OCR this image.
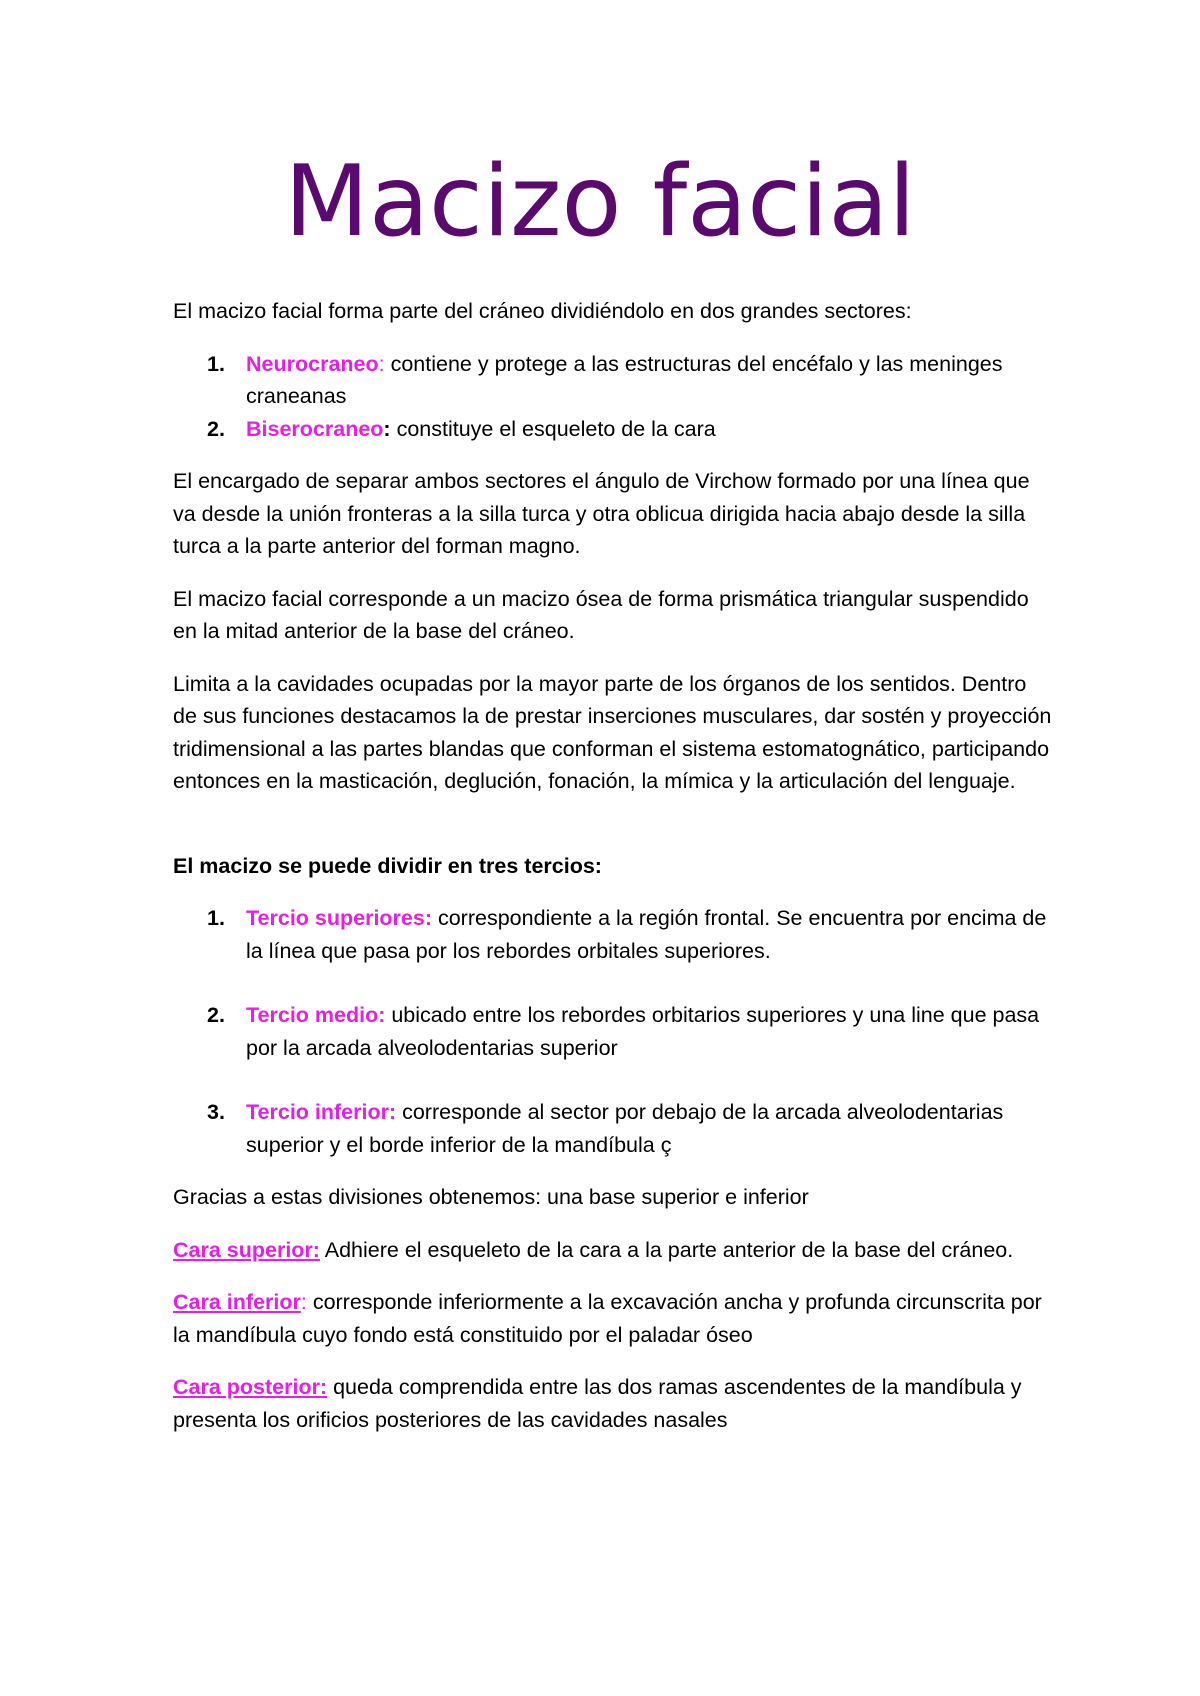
Macizo facial

El macizo facial forma parte del cráneo dividiéndolo en dos grandes sectores:

1. Neurocraneo: contiene y protege a las estructuras del encéfalo y las meninges craneanas
2. Biserocraneo: constituye el esqueleto de la cara

El encargado de separar ambos sectores el ángulo de Virchow formado por una línea que va desde la unión fronteras a la silla turca y otra oblicua dirigida hacia abajo desde la silla turca a la parte anterior del forman magno.

El macizo facial corresponde a un macizo ósea de forma prismática triangular suspendido en la mitad anterior de la base del cráneo.

Limita a la cavidades ocupadas por la mayor parte de los órganos de los sentidos. Dentro de sus funciones destacamos la de prestar inserciones musculares, dar sostén y proyección tridimensional a las partes blandas que conforman el sistema estomatognático, participando entonces en la masticación, deglución, fonación, la mímica y la articulación del lenguaje.

El macizo se puede dividir en tres tercios:

1. Tercio superiores: correspondiente a la región frontal. Se encuentra por encima de la línea que pasa por los rebordes orbitales superiores.
2. Tercio medio: ubicado entre los rebordes orbitarios superiores y una line que pasa por la arcada alveolodentarias superior
3. Tercio inferior: corresponde al sector por debajo de la arcada alveolodentarias superior y el borde inferior de la mandíbula ç

Gracias a estas divisiones obtenemos: una base superior e inferior

Cara superior: Adhiere el esqueleto de la cara a la parte anterior de la base del cráneo.

Cara inferior: corresponde inferiormente a la excavación ancha y profunda circunscrita por la mandíbula cuyo fondo está constituido por el paladar óseo

Cara posterior: queda comprendida entre las dos ramas ascendentes de la mandíbula y presenta los orificios posteriores de las cavidades nasales
